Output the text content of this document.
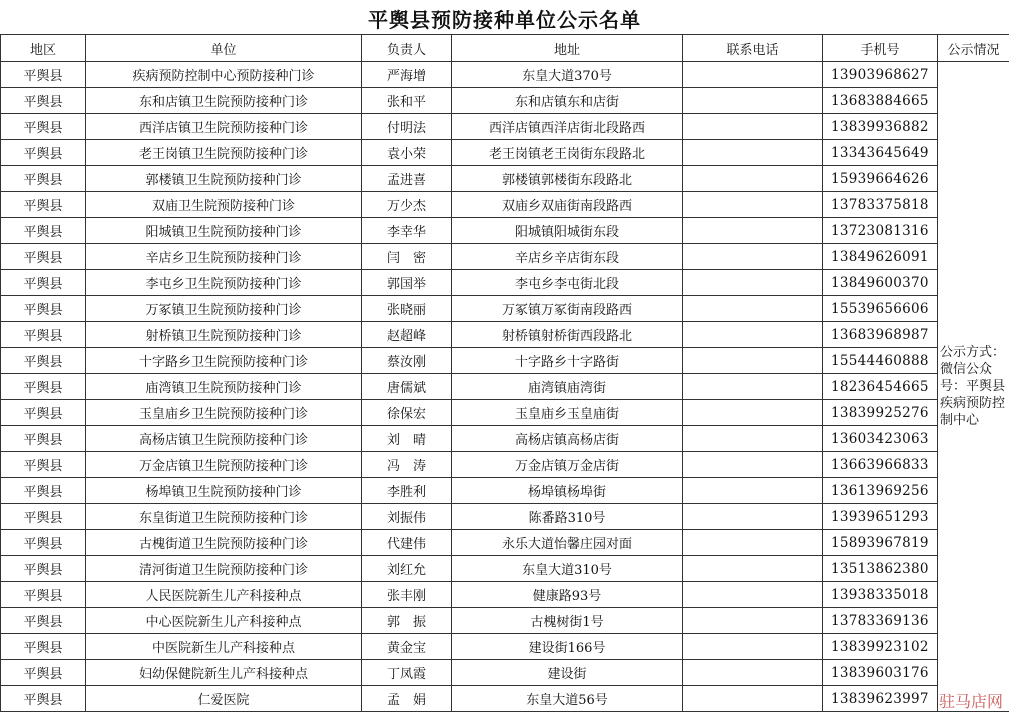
平舆县预防接种单位公示名单
地区	单位	负责人	地址	联系电话	手机号	公示情况
平舆县	疾病预防控制中心预防接种门诊	严海增	东皇大道370号		13903968627	公示方式：微信公众号：平舆县疾病预防控制中心
平舆县	东和店镇卫生院预防接种门诊	张和平	东和店镇东和店街		13683884665	
平舆县	西洋店镇卫生院预防接种门诊	付明法	西洋店镇西洋店街北段路西		13839936882	
平舆县	老王岗镇卫生院预防接种门诊	袁小荣	老王岗镇老王岗街东段路北		13343645649	
平舆县	郭楼镇卫生院预防接种门诊	孟进喜	郭楼镇郭楼街东段路北		15939664626	
平舆县	双庙卫生院预防接种门诊	万少杰	双庙乡双庙街南段路西		13783375818	
平舆县	阳城镇卫生院预防接种门诊	李幸华	阳城镇阳城街东段		13723081316	
平舆县	辛店乡卫生院预防接种门诊	闫　密	辛店乡辛店街东段		13849626091	
平舆县	李屯乡卫生院预防接种门诊	郭国举	李屯乡李屯街北段		13849600370	
平舆县	万冢镇卫生院预防接种门诊	张晓丽	万冢镇万冢街南段路西		15539656606	
平舆县	射桥镇卫生院预防接种门诊	赵超峰	射桥镇射桥街西段路北		13683968987	
平舆县	十字路乡卫生院预防接种门诊	蔡汝刚	十字路乡十字路街		15544460888	
平舆县	庙湾镇卫生院预防接种门诊	唐儒斌	庙湾镇庙湾街		18236454665	
平舆县	玉皇庙乡卫生院预防接种门诊	徐保宏	玉皇庙乡玉皇庙街		13839925276	
平舆县	高杨店镇卫生院预防接种门诊	刘　晴	高杨店镇高杨店街		13603423063	
平舆县	万金店镇卫生院预防接种门诊	冯　涛	万金店镇万金店街		13663966833	
平舆县	杨埠镇卫生院预防接种门诊	李胜利	杨埠镇杨埠街		13613969256	
平舆县	东皇街道卫生院预防接种门诊	刘振伟	陈番路310号		13939651293	
平舆县	古槐街道卫生院预防接种门诊	代建伟	永乐大道怡馨庄园对面		15893967819	
平舆县	清河街道卫生院预防接种门诊	刘红允	东皇大道310号		13513862380	
平舆县	人民医院新生儿产科接种点	张丰刚	健康路93号		13938335018	
平舆县	中心医院新生儿产科接种点	郭　振	古槐树街1号		13783369136	
平舆县	中医院新生儿产科接种点	黄金宝	建设街166号		13839923102	
平舆县	妇幼保健院新生儿产科接种点	丁凤霞	建设街		13839603176	
平舆县	仁爱医院	孟　娟	东皇大道56号		13839623997	驻马店网
